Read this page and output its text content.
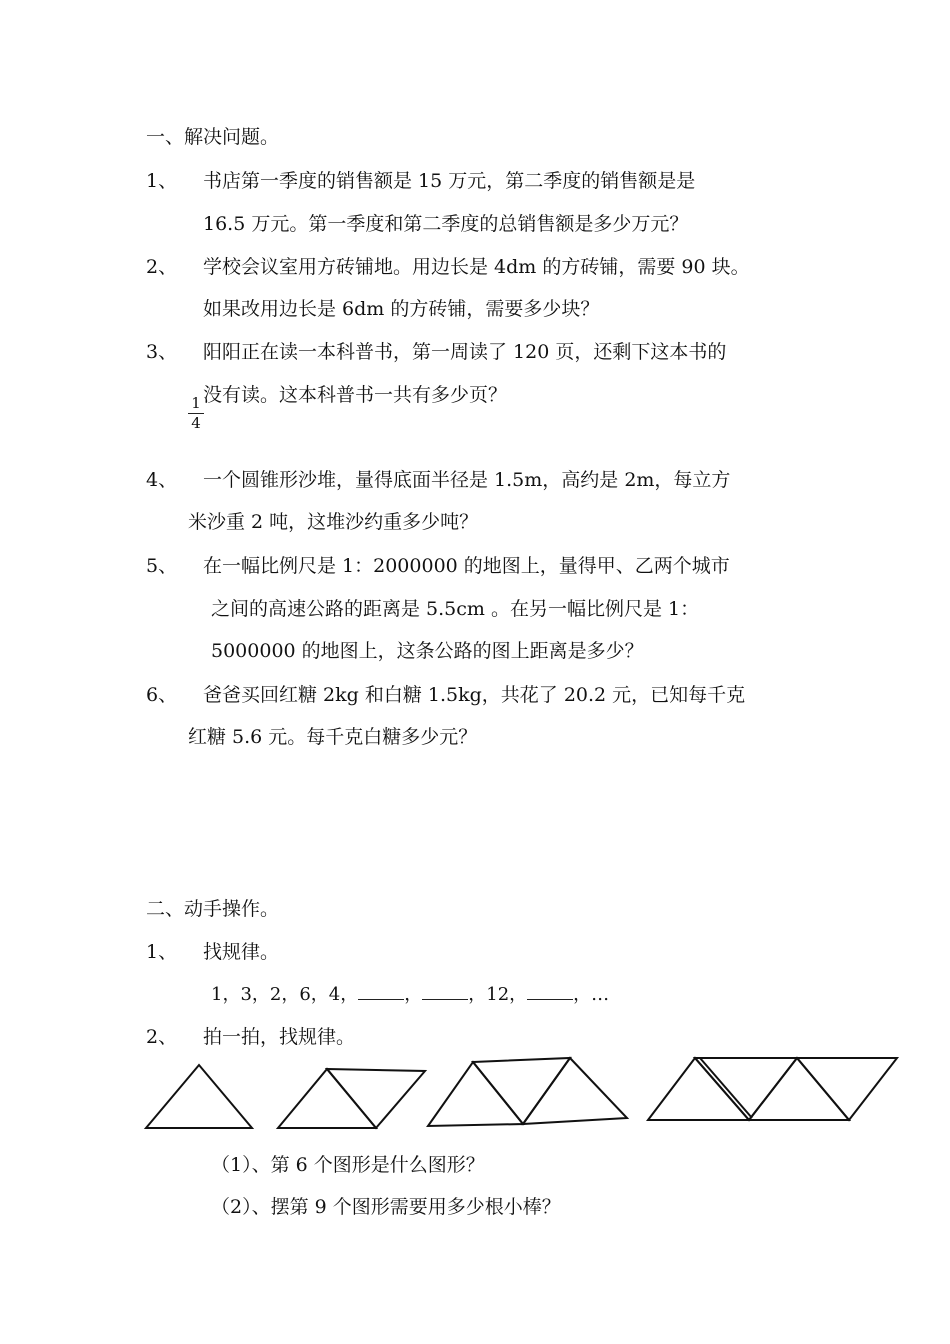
一、解决问题。
1、 书店第一季度的销售额是 15 万元，第二季度的销售额是是
16.5 万元。第一季度和第二季度的总销售额是多少万元？
2、 学校会议室用方砖铺地。用边长是 4dm 的方砖铺，需要 90 块。
如果改用边长是 6dm 的方砖铺，需要多少块？
3、 阳阳正在读一本科普书，第一周读了 120 页，还剩下这本书的
没有读。这本科普书一共有多少页？
1
4
4、 一个圆锥形沙堆，量得底面半径是 1.5m，高约是 2m，每立方
米沙重 2 吨，这堆沙约重多少吨？
5、 在一幅比例尺是 1：2000000 的地图上，量得甲、乙两个城市
之间的高速公路的距离是 5.5cm 。在另一幅比例尺是 1：
5000000 的地图上，这条公路的图上距离是多少？
6、 爸爸买回红糖 2kg 和白糖 1.5kg，共花了 20.2 元，已知每千克
红糖 5.6 元。每千克白糖多少元？
二、动手操作。
1、 找规律。
1，3，2，6，4，	，	，12，	，…
2、 拍一拍，找规律。
（1）、第 6 个图形是什么图形？
（2）、摆第 9 个图形需要用多少根小棒？
